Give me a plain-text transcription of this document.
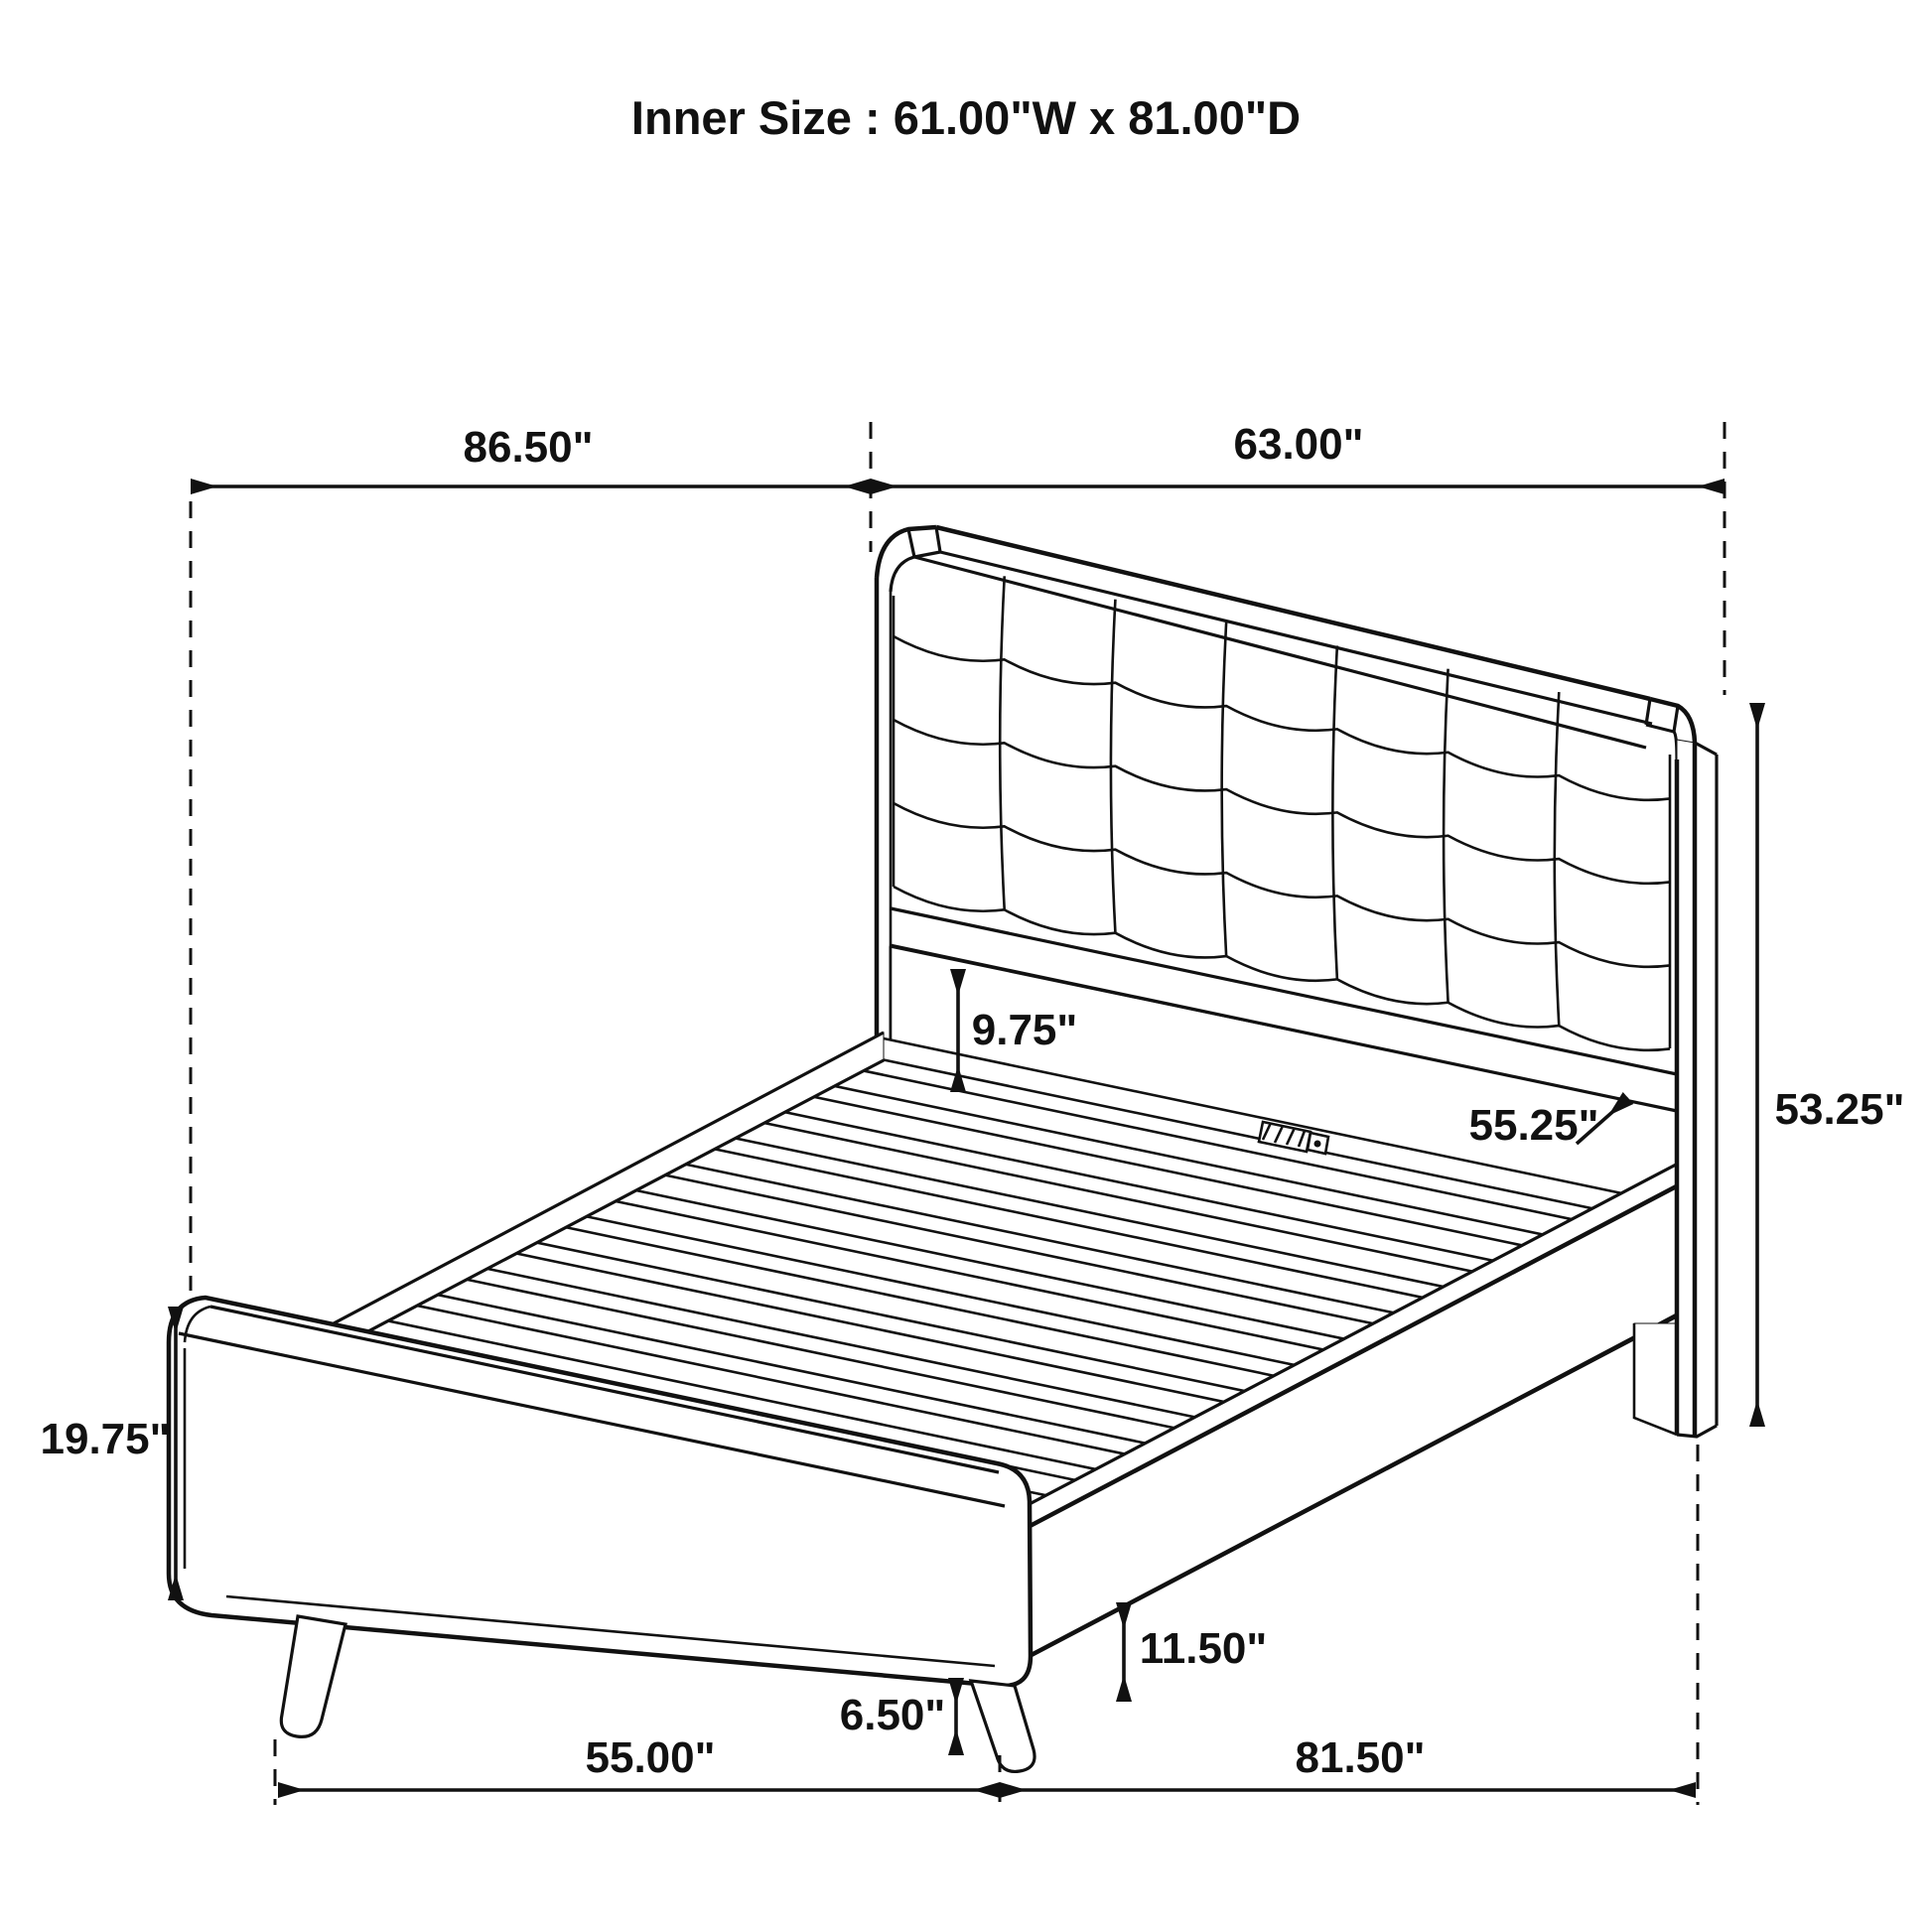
Inner Size : 61.00"W x 81.00"D
86.50"	63.00"
53.25"
9.75"
55.25"
19.75"
11.50"
6.50"
55.00"	81.50"
